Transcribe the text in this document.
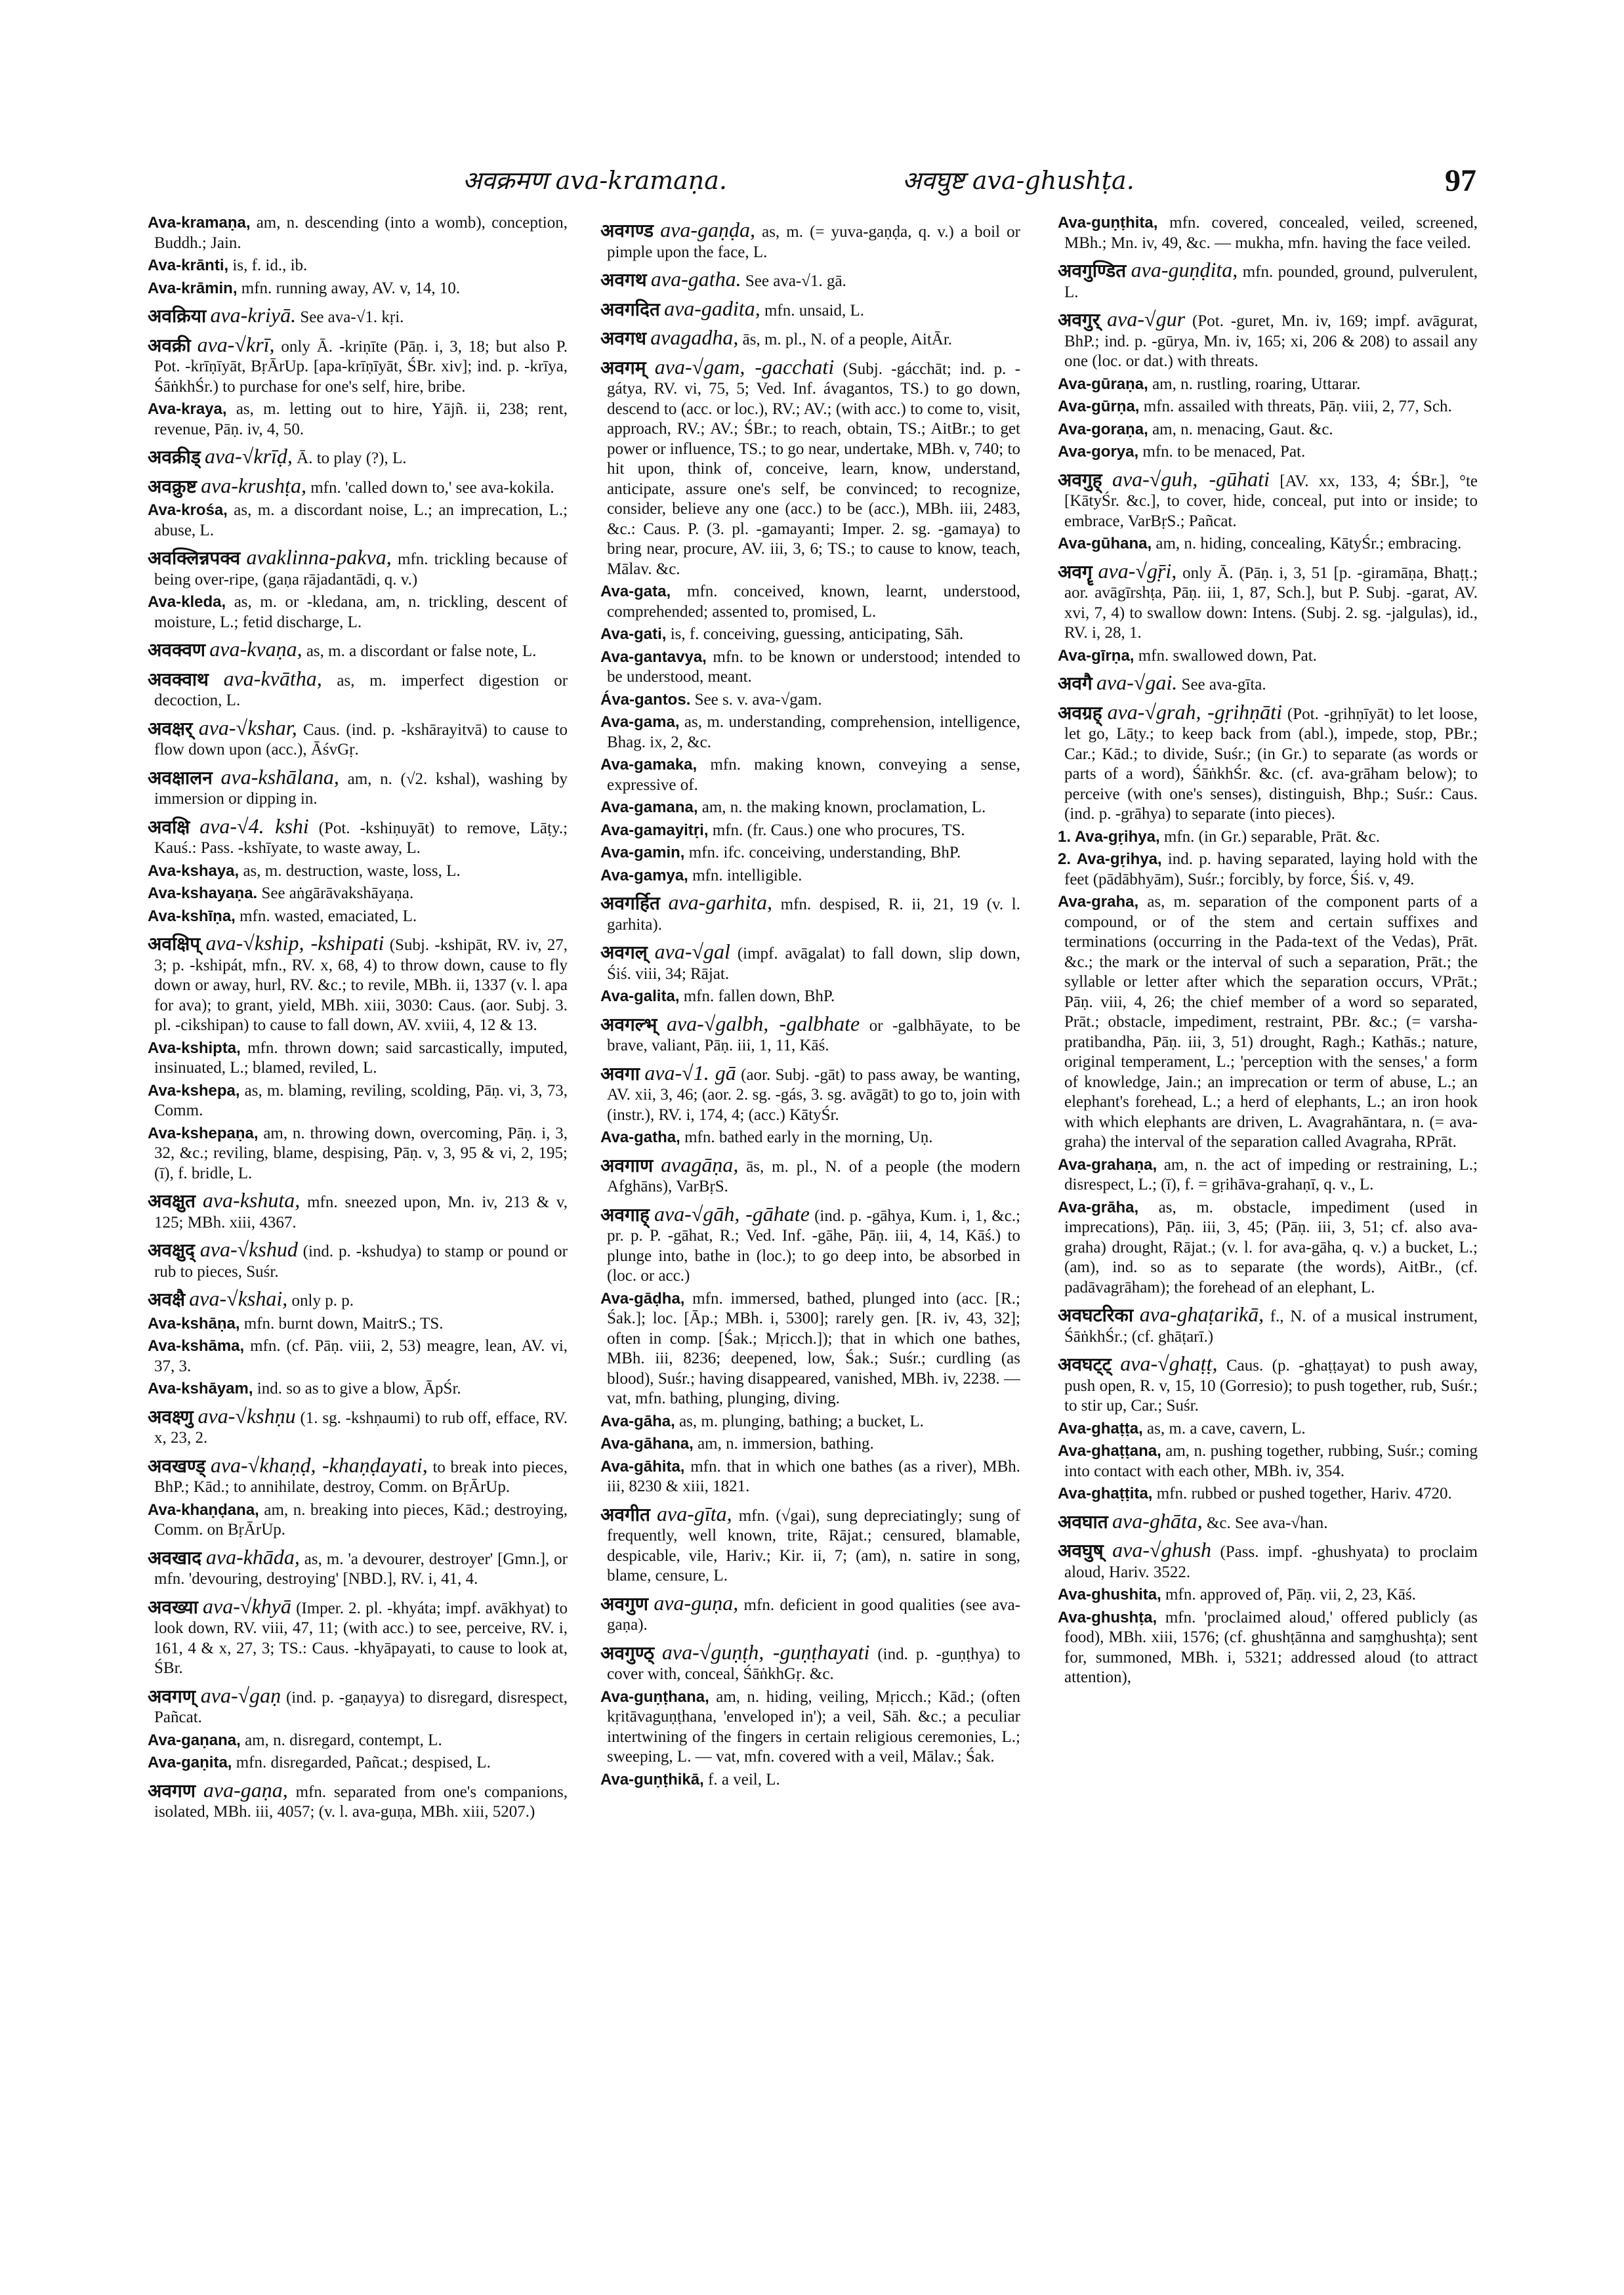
अवक्रमण ava-kramaṇa.	अवघुष्ट ava-ghushṭa.	97

Ava-kramaṇa, am, n. descending (into a womb), conception, Buddh.; Jain.

Ava-krānti, is, f. id., ib.

Ava-krāmin, mfn. running away, AV. v, 14, 10.

अवक्रिया ava-kriyā. See ava-√1. kṛi.

अवक्री ava-√krī, only Ā. -kriṇīte (Pāṇ. i, 3, 18; but also P. Pot. -krīṇīyāt, BṛĀrUp. [apa-krīṇīyāt, ŚBr. xiv]; ind. p. -krīya, ŚāṅkhŚr.) to purchase for one's self, hire, bribe.

Ava-kraya, as, m. letting out to hire, Yājñ. ii, 238; rent, revenue, Pāṇ. iv, 4, 50.

अवक्रीड् ava-√krīḍ, Ā. to play (?), L.

अवक्रुष्ट ava-krushṭa, mfn. 'called down to,' see ava-kokila.

Ava-krośa, as, m. a discordant noise, L.; an imprecation, L.; abuse, L.

अवक्लिन्नपक्व avaklinna-pakva, mfn. trickling because of being over-ripe, (gaṇa rājadantādi, q. v.)

Ava-kleda, as, m. or -kledana, am, n. trickling, descent of moisture, L.; fetid discharge, L.

अवक्वण ava-kvaṇa, as, m. a discordant or false note, L.

अवक्वाथ ava-kvātha, as, m. imperfect digestion or decoction, L.

अवक्षर् ava-√kshar, Caus. (ind. p. -kshārayitvā) to cause to flow down upon (acc.), ĀśvGṛ.

अवक्षालन ava-kshālana, am, n. (√2. kshal), washing by immersion or dipping in.

अवक्षि ava-√4. kshi (Pot. -kshiṇuyāt) to remove, Lāṭy.; Kauś.: Pass. -kshīyate, to waste away, L.

Ava-kshaya, as, m. destruction, waste, loss, L.

Ava-kshayaṇa. See aṅgārāvakshāyaṇa.

Ava-kshīṇa, mfn. wasted, emaciated, L.

अवक्षिप् ava-√kship, -kshipati (Subj. -kshipāt, RV. iv, 27, 3; p. -kshipát, mfn., RV. x, 68, 4) to throw down, cause to fly down or away, hurl, RV. &c.; to revile, MBh. ii, 1337 (v. l. apa for ava); to grant, yield, MBh. xiii, 3030: Caus. (aor. Subj. 3. pl. -cikshipan) to cause to fall down, AV. xviii, 4, 12 & 13.

Ava-kshipta, mfn. thrown down; said sarcastically, imputed, insinuated, L.; blamed, reviled, L.

Ava-kshepa, as, m. blaming, reviling, scolding, Pāṇ. vi, 3, 73, Comm.

Ava-kshepaṇa, am, n. throwing down, overcoming, Pāṇ. i, 3, 32, &c.; reviling, blame, despising, Pāṇ. v, 3, 95 & vi, 2, 195; (ī), f. bridle, L.

अवक्षुत ava-kshuta, mfn. sneezed upon, Mn. iv, 213 & v, 125; MBh. xiii, 4367.

अवक्षुद् ava-√kshud (ind. p. -kshudya) to stamp or pound or rub to pieces, Suśr.

अवक्षै ava-√kshai, only p. p.

Ava-kshāṇa, mfn. burnt down, MaitrS.; TS.

Ava-kshāma, mfn. (cf. Pāṇ. viii, 2, 53) meagre, lean, AV. vi, 37, 3.

Ava-kshāyam, ind. so as to give a blow, ĀpŚr.

अवक्ष्णु ava-√kshṇu (1. sg. -kshṇaumi) to rub off, efface, RV. x, 23, 2.

अवखण्ड् ava-√khaṇḍ, -khaṇḍayati, to break into pieces, BhP.; Kād.; to annihilate, destroy, Comm. on BṛĀrUp.

Ava-khaṇḍana, am, n. breaking into pieces, Kād.; destroying, Comm. on BṛĀrUp.

अवखाद ava-khāda, as, m. 'a devourer, destroyer' [Gmn.], or mfn. 'devouring, destroying' [NBD.], RV. i, 41, 4.

अवख्या ava-√khyā (Imper. 2. pl. -khyáta; impf. avākhyat) to look down, RV. viii, 47, 11; (with acc.) to see, perceive, RV. i, 161, 4 & x, 27, 3; TS.: Caus. -khyāpayati, to cause to look at, ŚBr.

अवगण् ava-√gaṇ (ind. p. -gaṇayya) to disregard, disrespect, Pañcat.

Ava-gaṇana, am, n. disregard, contempt, L.

Ava-gaṇita, mfn. disregarded, Pañcat.; despised, L.

अवगण ava-gaṇa, mfn. separated from one's companions, isolated, MBh. iii, 4057; (v. l. ava-guṇa, MBh. xiii, 5207.)

अवगण्ड ava-gaṇḍa, as, m. (= yuva-gaṇḍa, q. v.) a boil or pimple upon the face, L.

अवगथ ava-gatha. See ava-√1. gā.

अवगदित ava-gadita, mfn. unsaid, L.

अवगध avagadha, ās, m. pl., N. of a people, AitĀr.

अवगम् ava-√gam, -gacchati (Subj. -gácchāt; ind. p. -gátya, RV. vi, 75, 5; Ved. Inf. ávagantos, TS.) to go down, descend to (acc. or loc.), RV.; AV.; (with acc.) to come to, visit, approach, RV.; AV.; ŚBr.; to reach, obtain, TS.; AitBr.; to get power or influence, TS.; to go near, undertake, MBh. v, 740; to hit upon, think of, conceive, learn, know, understand, anticipate, assure one's self, be convinced; to recognize, consider, believe any one (acc.) to be (acc.), MBh. iii, 2483, &c.: Caus. P. (3. pl. -gamayanti; Imper. 2. sg. -gamaya) to bring near, procure, AV. iii, 3, 6; TS.; to cause to know, teach, Mālav. &c.

Ava-gata, mfn. conceived, known, learnt, understood, comprehended; assented to, promised, L.

Ava-gati, is, f. conceiving, guessing, anticipating, Sāh.

Ava-gantavya, mfn. to be known or understood; intended to be understood, meant.

Áva-gantos. See s. v. ava-√gam.

Ava-gama, as, m. understanding, comprehension, intelligence, Bhag. ix, 2, &c.

Ava-gamaka, mfn. making known, conveying a sense, expressive of.

Ava-gamana, am, n. the making known, proclamation, L.

Ava-gamayitṛi, mfn. (fr. Caus.) one who procures, TS.

Ava-gamin, mfn. ifc. conceiving, understanding, BhP.

Ava-gamya, mfn. intelligible.

अवगर्हित ava-garhita, mfn. despised, R. ii, 21, 19 (v. l. garhita).

अवगल् ava-√gal (impf. avāgalat) to fall down, slip down, Śiś. viii, 34; Rājat.

Ava-galita, mfn. fallen down, BhP.

अवगल्भ् ava-√galbh, -galbhate or -galbhāyate, to be brave, valiant, Pāṇ. iii, 1, 11, Kāś.

अवगा ava-√1. gā (aor. Subj. -gāt) to pass away, be wanting, AV. xii, 3, 46; (aor. 2. sg. -gás, 3. sg. avāgāt) to go to, join with (instr.), RV. i, 174, 4; (acc.) KātyŚr.

Ava-gatha, mfn. bathed early in the morning, Uṇ.

अवगाण avagāṇa, ās, m. pl., N. of a people (the modern Afghāns), VarBṛS.

अवगाह् ava-√gāh, -gāhate (ind. p. -gāhya, Kum. i, 1, &c.; pr. p. P. -gāhat, R.; Ved. Inf. -gāhe, Pāṇ. iii, 4, 14, Kāś.) to plunge into, bathe in (loc.); to go deep into, be absorbed in (loc. or acc.)

Ava-gāḍha, mfn. immersed, bathed, plunged into (acc. [R.; Śak.]; loc. [Āp.; MBh. i, 5300]; rarely gen. [R. iv, 43, 32]; often in comp. [Śak.; Mṛicch.]); that in which one bathes, MBh. iii, 8236; deepened, low, Śak.; Suśr.; curdling (as blood), Suśr.; having disappeared, vanished, MBh. iv, 2238. — vat, mfn. bathing, plunging, diving.

Ava-gāha, as, m. plunging, bathing; a bucket, L.

Ava-gāhana, am, n. immersion, bathing.

Ava-gāhita, mfn. that in which one bathes (as a river), MBh. iii, 8230 & xiii, 1821.

अवगीत ava-gīta, mfn. (√gai), sung depreciatingly; sung of frequently, well known, trite, Rājat.; censured, blamable, despicable, vile, Hariv.; Kir. ii, 7; (am), n. satire in song, blame, censure, L.

अवगुण ava-guṇa, mfn. deficient in good qualities (see ava-gaṇa).

अवगुण्ठ् ava-√guṇṭh, -guṇṭhayati (ind. p. -guṇṭhya) to cover with, conceal, ŚāṅkhGṛ. &c.

Ava-guṇṭhana, am, n. hiding, veiling, Mṛicch.; Kād.; (often kṛitāvaguṇṭhana, 'enveloped in'); a veil, Sāh. &c.; a peculiar intertwining of the fingers in certain religious ceremonies, L.; sweeping, L. — vat, mfn. covered with a veil, Mālav.; Śak.

Ava-guṇṭhikā, f. a veil, L.

Ava-guṇṭhita, mfn. covered, concealed, veiled, screened, MBh.; Mn. iv, 49, &c. — mukha, mfn. having the face veiled.

अवगुण्डित ava-guṇḍita, mfn. pounded, ground, pulverulent, L.

अवगुर् ava-√gur (Pot. -guret, Mn. iv, 169; impf. avāgurat, BhP.; ind. p. -gūrya, Mn. iv, 165; xi, 206 & 208) to assail any one (loc. or dat.) with threats.

Ava-gūraṇa, am, n. rustling, roaring, Uttarar.

Ava-gūrṇa, mfn. assailed with threats, Pāṇ. viii, 2, 77, Sch.

Ava-goraṇa, am, n. menacing, Gaut. &c.

Ava-gorya, mfn. to be menaced, Pat.

अवगुह् ava-√guh, -gūhati [AV. xx, 133, 4; ŚBr.], °te [KātyŚr. &c.], to cover, hide, conceal, put into or inside; to embrace, VarBṛS.; Pañcat.

Ava-gūhana, am, n. hiding, concealing, KātyŚr.; embracing.

अवगॄ ava-√gṝi, only Ā. (Pāṇ. i, 3, 51 [p. -giramāṇa, Bhaṭṭ.; aor. avāgīrshṭa, Pāṇ. iii, 1, 87, Sch.], but P. Subj. -garat, AV. xvi, 7, 4) to swallow down: Intens. (Subj. 2. sg. -jalgulas), id., RV. i, 28, 1.

Ava-gīrṇa, mfn. swallowed down, Pat.

अवगै ava-√gai. See ava-gīta.

अवग्रह् ava-√grah, -gṛihṇāti (Pot. -gṛihṇīyāt) to let loose, let go, Lāṭy.; to keep back from (abl.), impede, stop, PBr.; Car.; Kād.; to divide, Suśr.; (in Gr.) to separate (as words or parts of a word), ŚāṅkhŚr. &c. (cf. ava-grāham below); to perceive (with one's senses), distinguish, Bhp.; Suśr.: Caus. (ind. p. -grāhya) to separate (into pieces).

1. Ava-gṛihya, mfn. (in Gr.) separable, Prāt. &c.

2. Ava-gṛihya, ind. p. having separated, laying hold with the feet (pādābhyām), Suśr.; forcibly, by force, Śiś. v, 49.

Ava-graha, as, m. separation of the component parts of a compound, or of the stem and certain suffixes and terminations (occurring in the Pada-text of the Vedas), Prāt. &c.; the mark or the interval of such a separation, Prāt.; the syllable or letter after which the separation occurs, VPrāt.; Pāṇ. viii, 4, 26; the chief member of a word so separated, Prāt.; obstacle, impediment, restraint, PBr. &c.; (= varsha-pratibandha, Pāṇ. iii, 3, 51) drought, Ragh.; Kathās.; nature, original temperament, L.; 'perception with the senses,' a form of knowledge, Jain.; an imprecation or term of abuse, L.; an elephant's forehead, L.; a herd of elephants, L.; an iron hook with which elephants are driven, L. Avagrahāntara, n. (= ava-graha) the interval of the separation called Avagraha, RPrāt.

Ava-grahaṇa, am, n. the act of impeding or restraining, L.; disrespect, L.; (ī), f. = gṛihāva-grahaṇī, q. v., L.

Ava-grāha, as, m. obstacle, impediment (used in imprecations), Pāṇ. iii, 3, 45; (Pāṇ. iii, 3, 51; cf. also ava-graha) drought, Rājat.; (v. l. for ava-gāha, q. v.) a bucket, L.; (am), ind. so as to separate (the words), AitBr., (cf. padāvagrāham); the forehead of an elephant, L.

अवघटरिका ava-ghaṭarikā, f., N. of a musical instrument, ŚāṅkhŚr.; (cf. ghāṭarī.)

अवघट्ट् ava-√ghaṭṭ, Caus. (p. -ghaṭṭayat) to push away, push open, R. v, 15, 10 (Gorresio); to push together, rub, Suśr.; to stir up, Car.; Suśr.

Ava-ghaṭṭa, as, m. a cave, cavern, L.

Ava-ghaṭṭana, am, n. pushing together, rubbing, Suśr.; coming into contact with each other, MBh. iv, 354.

Ava-ghaṭṭita, mfn. rubbed or pushed together, Hariv. 4720.

अवघात ava-ghāta, &c. See ava-√han.

अवघुष् ava-√ghush (Pass. impf. -ghushyata) to proclaim aloud, Hariv. 3522.

Ava-ghushita, mfn. approved of, Pāṇ. vii, 2, 23, Kāś.

Ava-ghushṭa, mfn. 'proclaimed aloud,' offered publicly (as food), MBh. xiii, 1576; (cf. ghushṭānna and saṃghushṭa); sent for, summoned, MBh. i, 5321; addressed aloud (to attract attention),
